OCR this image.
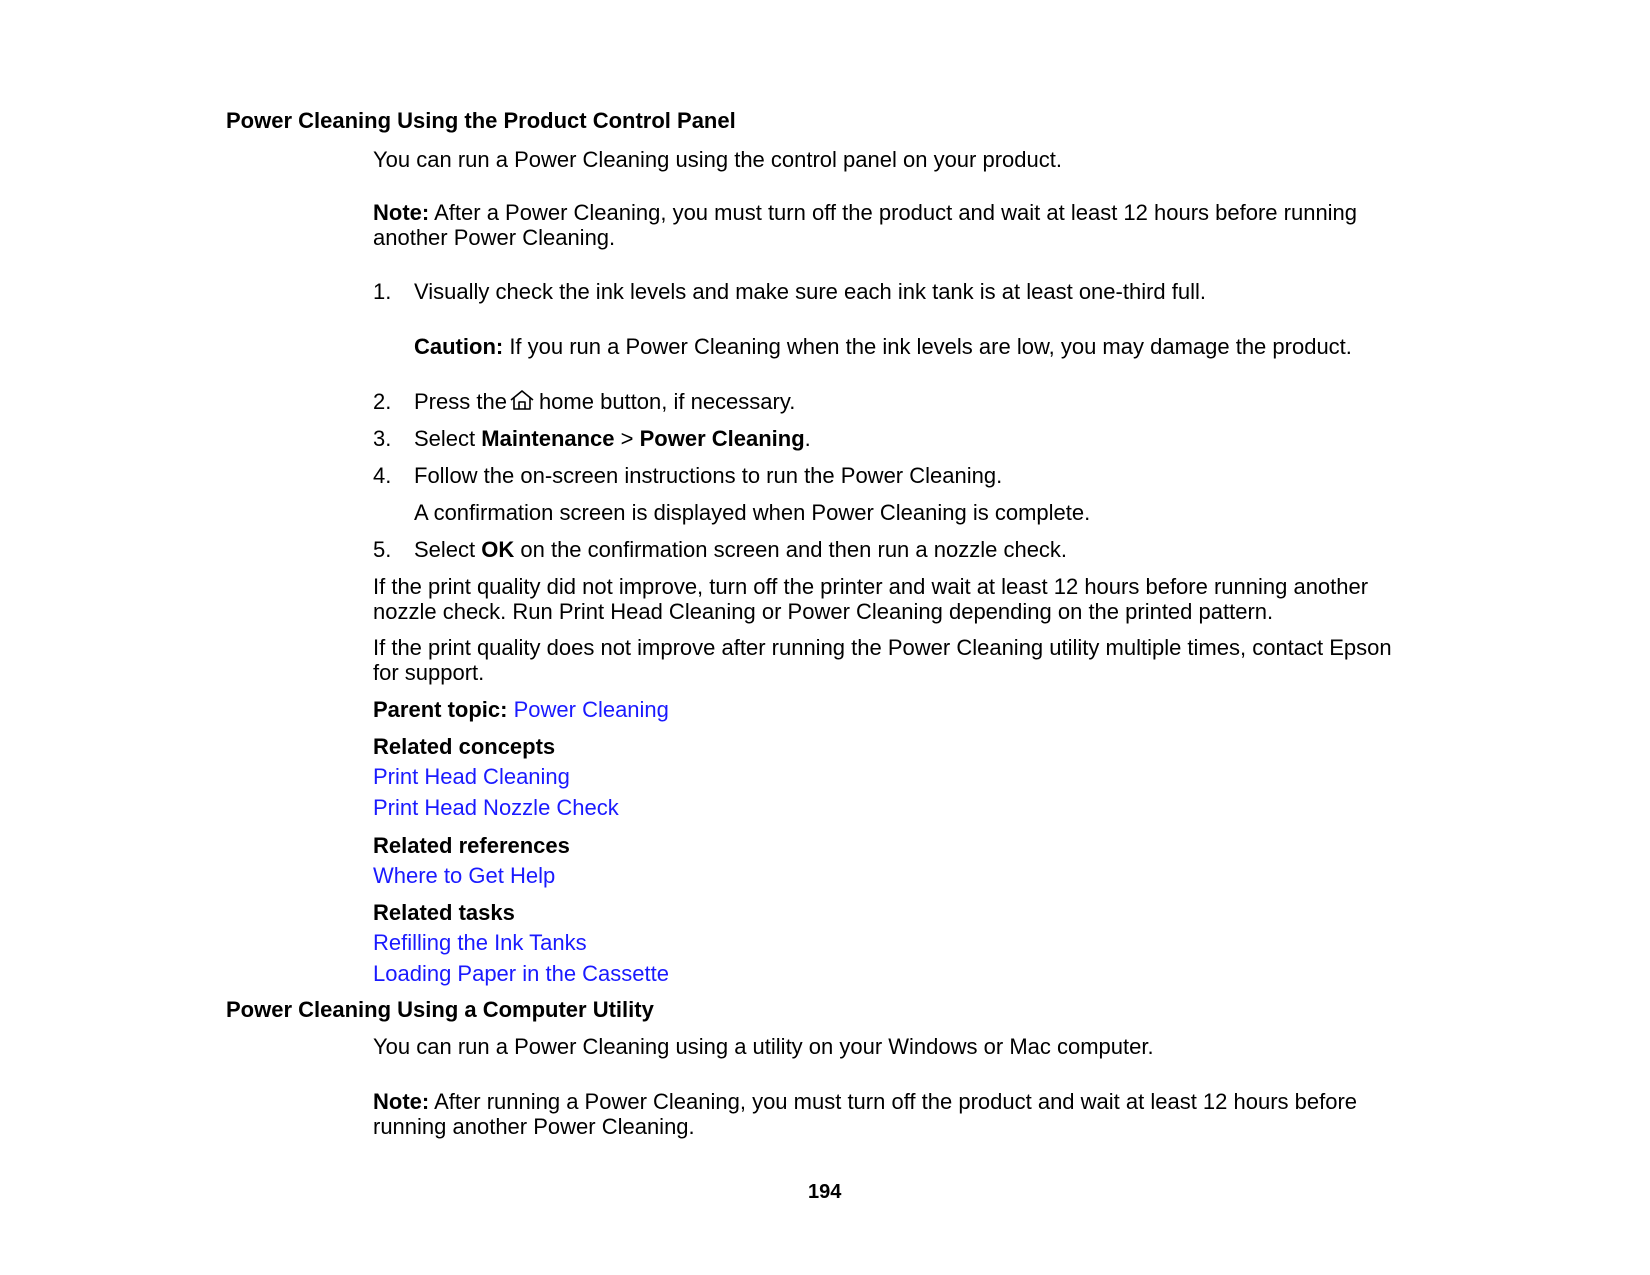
Power Cleaning Using the Product Control Panel
You can run a Power Cleaning using the control panel on your product.
Note: After a Power Cleaning, you must turn off the product and wait at least 12 hours before running
another Power Cleaning.
1. Visually check the ink levels and make sure each ink tank is at least one-third full.
Caution: If you run a Power Cleaning when the ink levels are low, you may damage the product.
2. Press the home button, if necessary.
3. Select Maintenance > Power Cleaning.
4. Follow the on-screen instructions to run the Power Cleaning.
A confirmation screen is displayed when Power Cleaning is complete.
5. Select OK on the confirmation screen and then run a nozzle check.
If the print quality did not improve, turn off the printer and wait at least 12 hours before running another
nozzle check. Run Print Head Cleaning or Power Cleaning depending on the printed pattern.
If the print quality does not improve after running the Power Cleaning utility multiple times, contact Epson
for support.
Parent topic: Power Cleaning
Related concepts
Print Head Cleaning
Print Head Nozzle Check
Related references
Where to Get Help
Related tasks
Refilling the Ink Tanks
Loading Paper in the Cassette
Power Cleaning Using a Computer Utility
You can run a Power Cleaning using a utility on your Windows or Mac computer.
Note: After running a Power Cleaning, you must turn off the product and wait at least 12 hours before
running another Power Cleaning.
194
